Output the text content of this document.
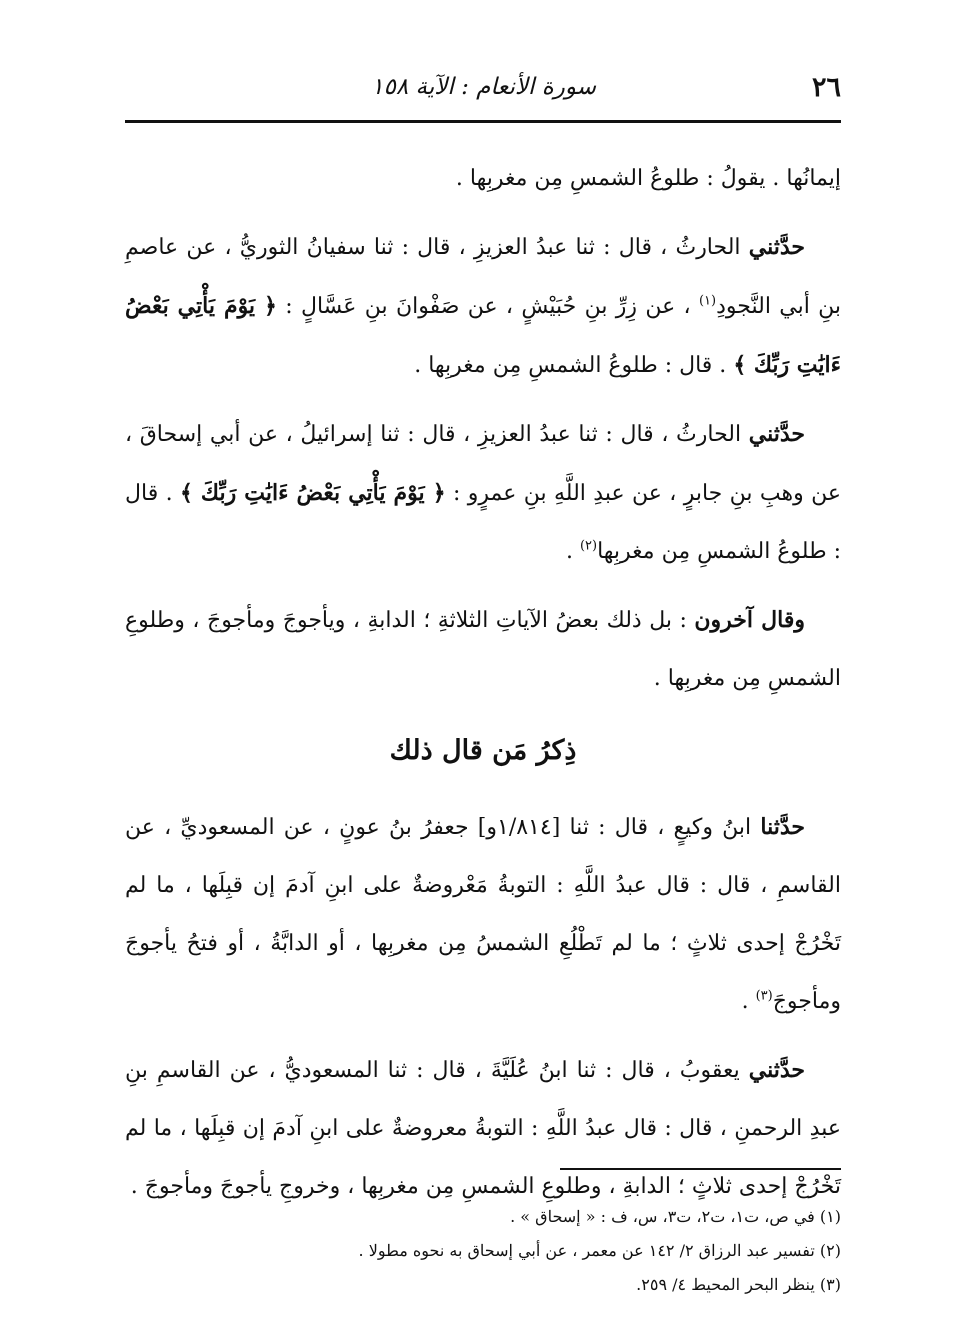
٢٦
سورة الأنعام : الآية ١٥٨

إيمانُها . يقولُ : طلوعُ الشمسِ مِن مغربِها .

حدَّثني الحارثُ ، قال : ثنا عبدُ العزيزِ ، قال : ثنا سفيانُ الثوريُّ ، عن عاصمِ بنِ أبي النَّجودِ$^{(١)}$ ، عن زِرِّ بنِ حُبَيْشٍ ، عن صَفْوانَ بنِ عَسَّالٍ : ﴿ يَوْمَ يَأْتِي بَعْضُ ءَايَٰتِ رَبِّكَ ﴾ . قال : طلوعُ الشمسِ مِن مغربِها .

حدَّثني الحارثُ ، قال : ثنا عبدُ العزيزِ ، قال : ثنا إسرائيلُ ، عن أبي إسحاقَ ، عن وهبِ بنِ جابرٍ ، عن عبدِ اللَّهِ بنِ عمرٍو : ﴿ يَوْمَ يَأْتِي بَعْضُ ءَايَٰتِ رَبِّكَ ﴾ . قال : طلوعُ الشمسِ مِن مغربِها$^{(٢)}$ .

وقال آخرون : بل ذلك بعضُ الآياتِ الثلاثةِ ؛ الدابةِ ، ويأجوجَ ومأجوجَ ، وطلوعِ الشمسِ مِن مغربِها .

ذِكرُ مَن قال ذلك

حدَّثنا ابنُ وكيعٍ ، قال : ثنا [١/٨١٤و] جعفرُ بنُ عونٍ ، عن المسعوديِّ ، عن القاسمِ ، قال : قال عبدُ اللَّهِ : التوبةُ مَعْروضةٌ على ابنِ آدمَ إن قبِلَها ، ما لم تَخْرُجْ إحدى ثلاثٍ ؛ ما لم تَطْلُعِ الشمسُ مِن مغربِها ، أو الدابَّةُ ، أو فتحُ يأجوجَ ومأجوجَ$^{(٣)}$ .

حدَّثني يعقوبُ ، قال : ثنا ابنُ عُلَيَّةَ ، قال : ثنا المسعوديُّ ، عن القاسمِ بنِ عبدِ الرحمنِ ، قال : قال عبدُ اللَّهِ : التوبةُ معروضةٌ على ابنِ آدمَ إن قبِلَها ، ما لم تَخْرُجْ إحدى ثلاثٍ ؛ الدابةِ ، وطلوعِ الشمسِ مِن مغربِها ، وخروجِ يأجوجَ ومأجوجَ .

(١) في ص، ت١، ت٢، ت٣، س، ف : « إسحاق » .

(٢) تفسير عبد الرزاق ٢/ ١٤٢ عن معمر ، عن أبي إسحاق به نحوه مطولا .

(٣) ينظر البحر المحيط ٤/ ٢٥٩.
